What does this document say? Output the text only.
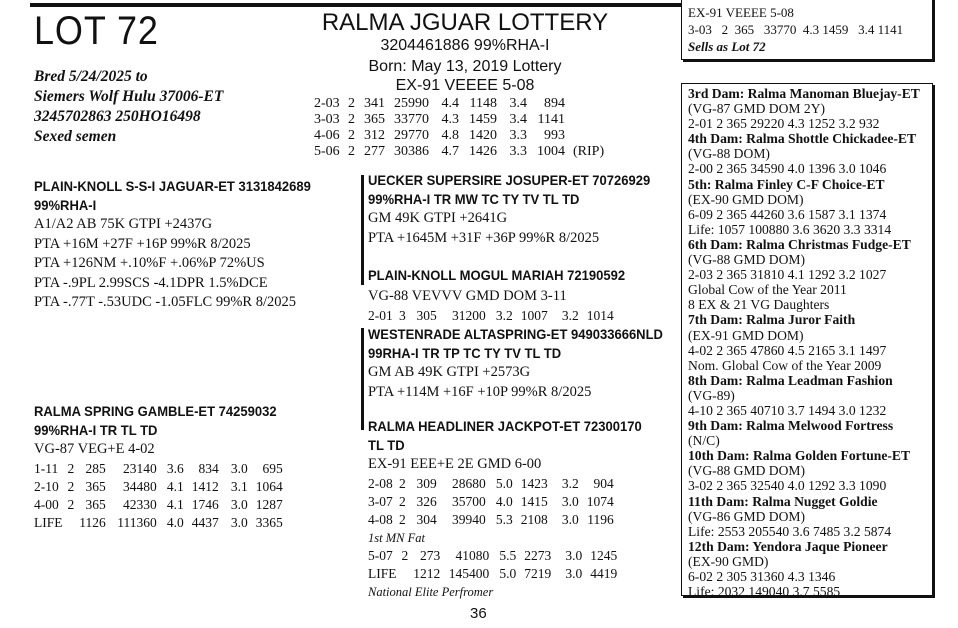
LOT 72
Bred 5/24/2025 to
Siemers Wolf Hulu 37006-ET
3245702863 250HO16498
Sexed semen
RALMA JGUAR LOTTERY
3204461886 99%RHA-I
Born: May 13, 2019 Lottery
EX-91 VEEEE 5-08
2-03	2	341	25990	4.4	1148	3.4	894	
3-03	2	365	33770	4.3	1459	3.4	1141	
4-06	2	312	29770	4.8	1420	3.3	993	
5-06	2	277	30386	4.7	1426	3.3	1004	(RIP)
PLAIN-KNOLL S-S-I JAGUAR-ET 3131842689
99%RHA-I
A1/A2 AB 75K GTPI +2437G
PTA +16M +27F +16P 99%R 8/2025
PTA +126NM +.10%F +.06%P 72%US
PTA -.9PL 2.99SCS -4.1DPR 1.5%DCE
PTA -.77T -.53UDC -1.05FLC 99%R 8/2025
RALMA SPRING GAMBLE-ET 74259032
99%RHA-I TR TL TD
VG-87 VEG+E 4-02
1-11	2	285	23140	3.6	834	3.0	695
2-10	2	365	34480	4.1	1412	3.1	1064
4-00	2	365	42330	4.1	1746	3.0	1287
LIFE		1126	111360	4.0	4437	3.0	3365
UECKER SUPERSIRE JOSUPER-ET 70726929
99%RHA-I TR MW TC TY TV TL TD
GM 49K GTPI +2641G
PTA +1645M +31F +36P 99%R 8/2025
PLAIN-KNOLL MOGUL MARIAH 72190592
VG-88 VEVVV GMD DOM 3-11
2-01	3	305	31200	3.2	1007	3.2	1014
WESTENRADE ALTASPRING-ET 949033666NLD
99RHA-I TR TP TC TY TV TL TD
GM AB 49K GTPI +2573G
PTA +114M +16F +10P 99%R 8/2025
RALMA HEADLINER JACKPOT-ET 72300170
TL TD
EX-91 EEE+E 2E GMD 6-00
2-08	2	309	28680	5.0	1423	3.2	904
3-07	2	326	35700	4.0	1415	3.0	1074
4-08	2	304	39940	5.3	2108	3.0	1196
1st MN Fat
5-07	2	273	41080	5.5	2273	3.0	1245
LIFE		1212	145400	5.0	7219	3.0	4419
National Elite Perfromer
36
EX-91 VEEEE 5-08
3-03   2  365   33770  4.3 1459   3.4 1141
Sells as Lot 72
3rd Dam: Ralma Manoman Bluejay-ET
(VG-87 GMD DOM 2Y)
2-01 2 365 29220 4.3 1252 3.2 932
4th Dam: Ralma Shottle Chickadee-ET
(VG-88 DOM)
2-00 2 365 34590 4.0 1396 3.0 1046
5th: Ralma Finley C-F Choice-ET
(EX-90 GMD DOM)
6-09 2 365 44260 3.6 1587 3.1 1374
Life: 1057 100880 3.6 3620 3.3 3314
6th Dam: Ralma Christmas Fudge-ET
(VG-88 GMD DOM)
2-03 2 365 31810 4.1 1292 3.2 1027
Global Cow of the Year 2011
8 EX & 21 VG Daughters
7th Dam: Ralma Juror Faith
(EX-91 GMD DOM)
4-02 2 365 47860 4.5 2165 3.1 1497
Nom. Global Cow of the Year 2009
8th Dam: Ralma Leadman Fashion
(VG-89)
4-10 2 365 40710 3.7 1494 3.0 1232
9th Dam: Ralma Melwood Fortress
(N/C)
10th Dam: Ralma Golden Fortune-ET
(VG-88 GMD DOM)
3-02 2 365 32540 4.0 1292 3.3 1090
11th Dam: Ralma Nugget Goldie
(VG-86 GMD DOM)
Life: 2553 205540 3.6 7485 3.2 5874
12th Dam: Yendora Jaque Pioneer
(EX-90 GMD)
6-02 2 305 31360 4.3 1346
Life: 2032 149040 3.7 5585
